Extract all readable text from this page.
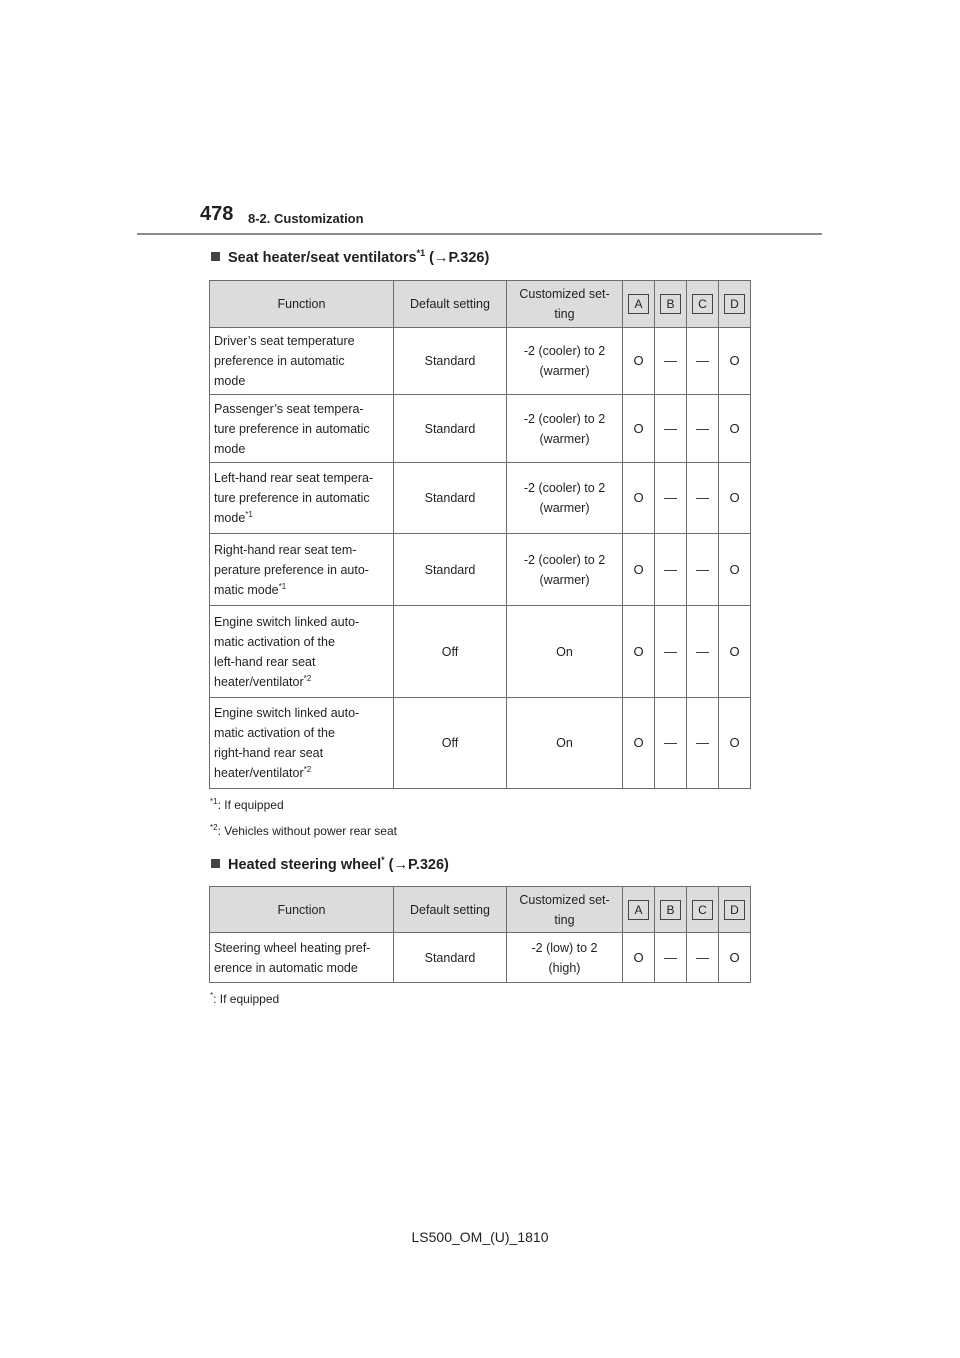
478 8-2. Customization
Seat heater/seat ventilators$^{*1}$ (→P.326)
Function	Default setting	Customized set-
ting	A	B	C	D
Driver’s seat temperature
preference in automatic
mode	Standard	-2 (cooler) to 2
(warmer)	O	—	—	O
Passenger’s seat tempera-
ture preference in automatic
mode	Standard	-2 (cooler) to 2
(warmer)	O	—	—	O
Left-hand rear seat tempera-
ture preference in automatic
mode$^{*1}$	Standard	-2 (cooler) to 2
(warmer)	O	—	—	O
Right-hand rear seat tem-
perature preference in auto-
matic mode$^{*1}$	Standard	-2 (cooler) to 2
(warmer)	O	—	—	O
Engine switch linked auto-
matic activation of the
left-hand rear seat
heater/ventilator$^{*2}$	Off	On	O	—	—	O
Engine switch linked auto-
matic activation of the
right-hand rear seat
heater/ventilator$^{*2}$	Off	On	O	—	—	O
$^{*1}$: If equipped
$^{*2}$: Vehicles without power rear seat
Heated steering wheel* (→P.326)
Function	Default setting	Customized set-
ting	A	B	C	D
Steering wheel heating pref-
erence in automatic mode	Standard	-2 (low) to 2
(high)	O	—	—	O
*: If equipped
LS500_OM_(U)_1810
